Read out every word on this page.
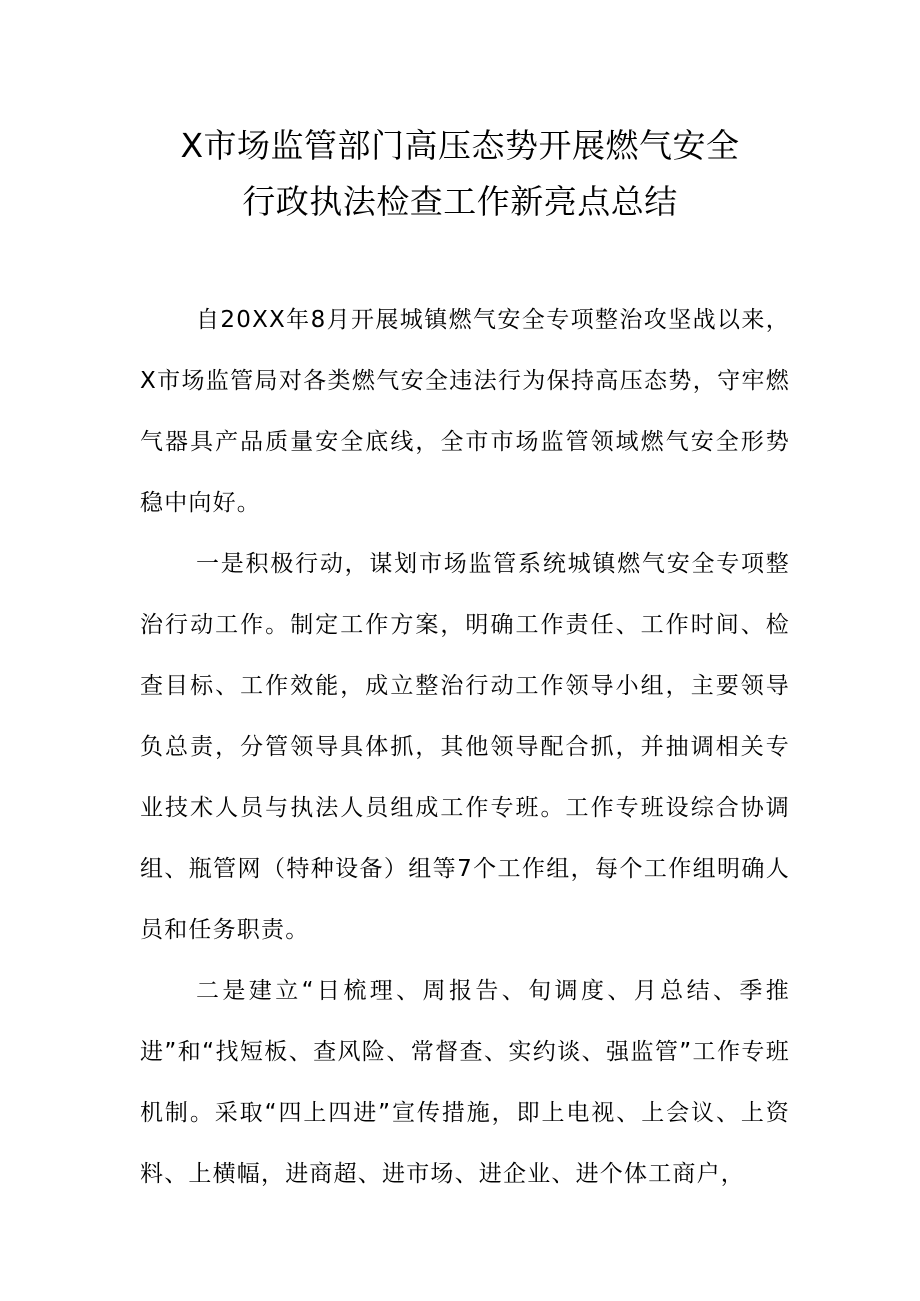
X市场监管部门高压态势开展燃气安全
行政执法检查工作新亮点总结

自20XX年8月开展城镇燃气安全专项整治攻坚战以来，X市场监管局对各类燃气安全违法行为保持高压态势，守牢燃气器具产品质量安全底线，全市市场监管领域燃气安全形势稳中向好。

一是积极行动，谋划市场监管系统城镇燃气安全专项整治行动工作。制定工作方案，明确工作责任、工作时间、检查目标、工作效能，成立整治行动工作领导小组，主要领导负总责，分管领导具体抓，其他领导配合抓，并抽调相关专业技术人员与执法人员组成工作专班。工作专班设综合协调组、瓶管网（特种设备）组等7个工作组，每个工作组明确人员和任务职责。

二是建立“日梳理、周报告、旬调度、月总结、季推进”和“找短板、查风险、常督查、实约谈、强监管”工作专班机制。采取“四上四进”宣传措施，即上电视、上会议、上资料、上横幅，进商超、进市场、进企业、进个体工商户，
